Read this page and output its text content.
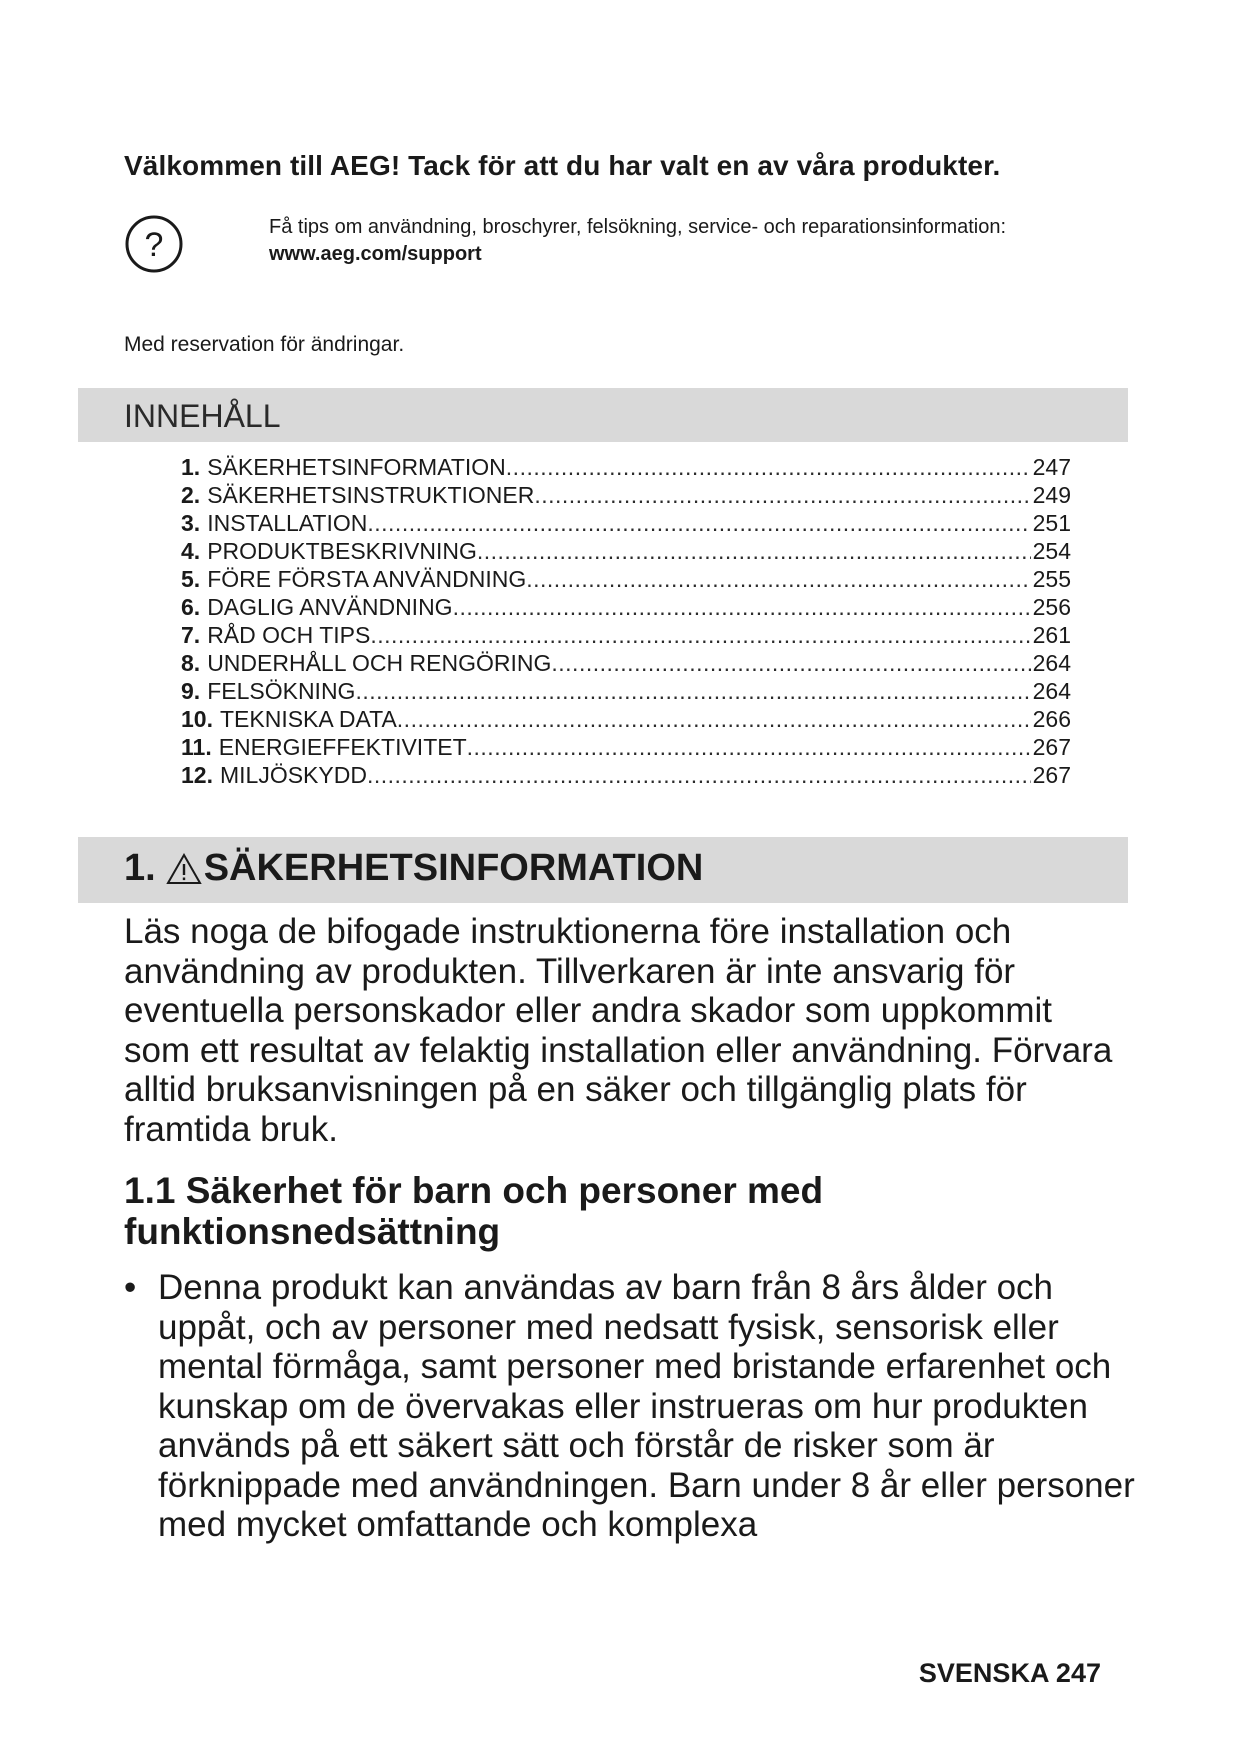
Välkommen till AEG! Tack för att du har valt en av våra produkter.
?	Få tips om användning, broschyrer, felsökning, service- och reparationsinformation:
www.aeg.com/support
Med reservation för ändringar.
INNEHÅLL
1. SÄKERHETSINFORMATION .....	247
2. SÄKERHETSINSTRUKTIONER .....	249
3. INSTALLATION .....	251
4. PRODUKTBESKRIVNING .....	254
5. FÖRE FÖRSTA ANVÄNDNING .....	255
6. DAGLIG ANVÄNDNING .....	256
7. RÅD OCH TIPS .....	261
8. UNDERHÅLL OCH RENGÖRING .....	264
9. FELSÖKNING .....	264
10. TEKNISKA DATA .....	266
11. ENERGIEFFEKTIVITET .....	267
12. MILJÖSKYDD .....	267
1. SÄKERHETSINFORMATION

Läs noga de bifogade instruktionerna före installation och användning av produkten. Tillverkaren är inte ansvarig för eventuella personskador eller andra skador som uppkommit som ett resultat av felaktig installation eller användning. Förvara alltid bruksanvisningen på en säker och tillgänglig plats för framtida bruk.

1.1 Säkerhet för barn och personer med funktionsnedsättning

• Denna produkt kan användas av barn från 8 års ålder och uppåt, och av personer med nedsatt fysisk, sensorisk eller mental förmåga, samt personer med bristande erfarenhet och kunskap om de övervakas eller instrueras om hur produkten används på ett säkert sätt och förstår de risker som är förknippade med användningen. Barn under 8 år eller personer med mycket omfattande och komplexa

SVENSKA 247
